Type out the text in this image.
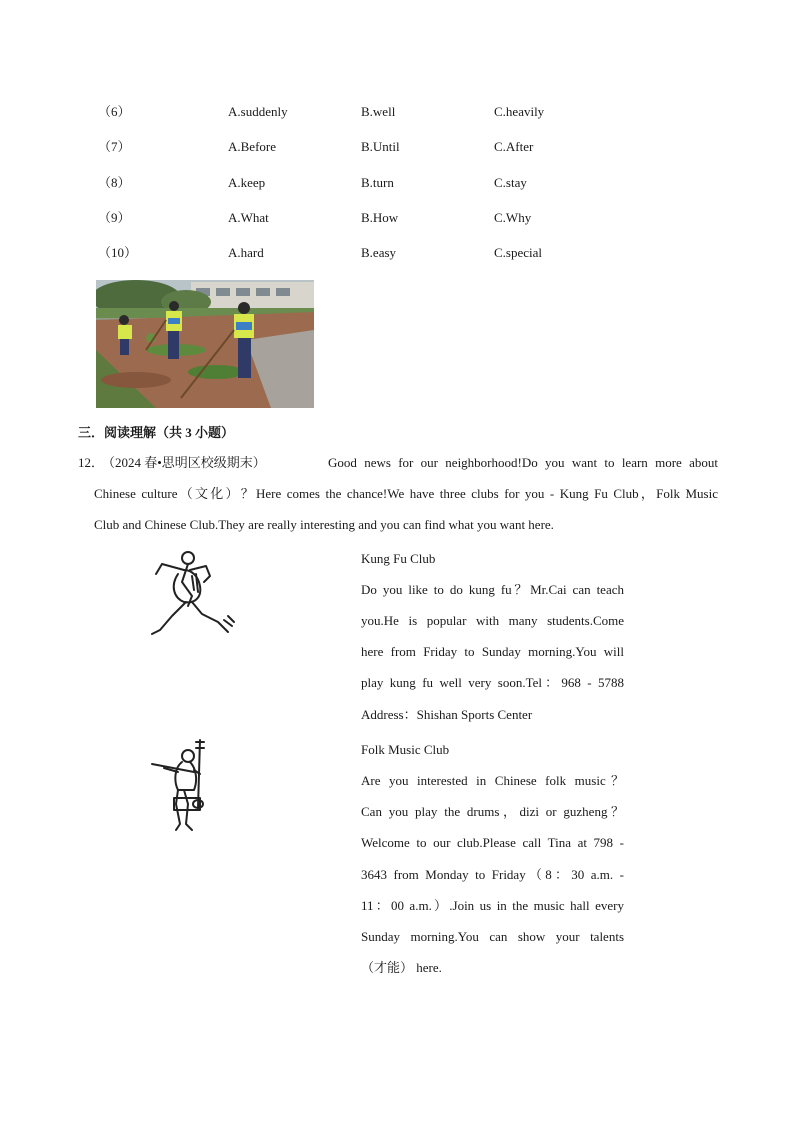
（6）	A.suddenly	B.well	C.heavily
（7）	A.Before	B.Until	C.After
（8）	A.keep	B.turn	C.stay
（9）	A.What	B.How	C.Why
（10）	A.hard	B.easy	C.special
三．阅读理解（共 3 小题）
12．
（2024 春•思明区校级期末）	Good news for our neighborhood!Do you want to learn more about
Chinese culture（文化）？Here comes the chance!We have three clubs for you - Kung Fu Club，Folk Music
Club and Chinese Club.They are really interesting and you can find what you want here.
Kung Fu Club
Do you like to do kung fu？Mr.Cai can teach
you.He is popular with many students.Come
here from Friday to Sunday morning.You will
play kung fu well very soon.Tel：968 - 5788
Address：Shishan Sports Center
Folk Music Club
Are you interested in Chinese folk music？
Can you play the drums，dizi or guzheng？
Welcome to our club.Please call Tina at 798 -
3643 from Monday to Friday（8：30 a.m. -
11：00 a.m.）.Join us in the music hall every
Sunday morning.You can show your talents
（才能） here.
